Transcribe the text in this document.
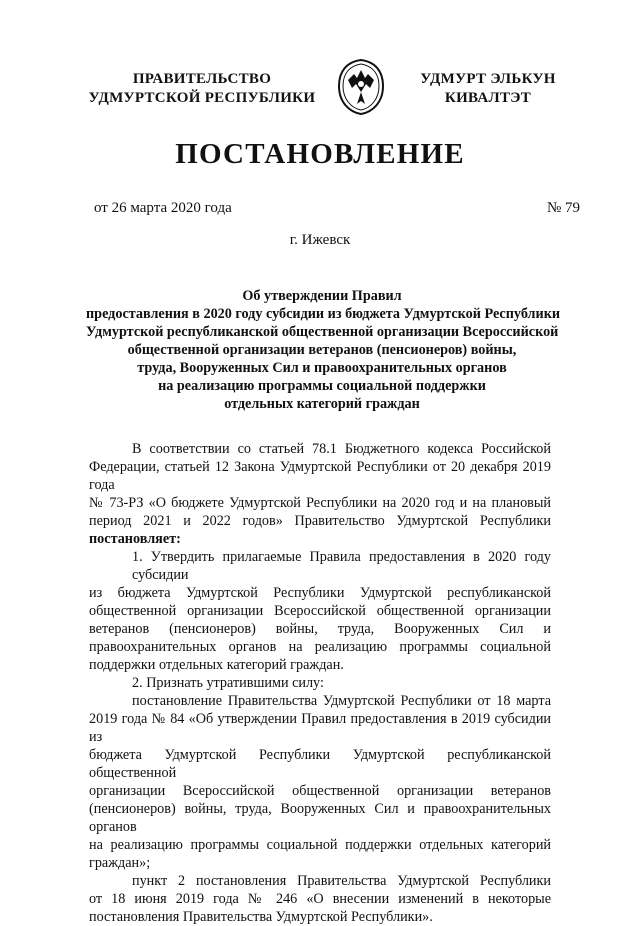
ПРАВИТЕЛЬСТВО
УДМУРТСКОЙ РЕСПУБЛИКИ
УДМУРТ ЭЛЬКУН
КИВАЛТЭТ
ПОСТАНОВЛЕНИЕ
от 26 марта 2020 года	№ 79
г. Ижевск
Об утверждении Правил
предоставления в 2020 году субсидии из бюджета Удмуртской Республики
Удмуртской республиканской общественной организации Всероссийской
общественной организации ветеранов (пенсионеров) войны,
труда, Вооруженных Сил и правоохранительных органов
на реализацию программы социальной поддержки
отдельных категорий граждан
В соответствии со статьей 78.1 Бюджетного кодекса Российской
Федерации, статьей 12 Закона Удмуртской Республики от 20 декабря 2019 года
№ 73-РЗ «О бюджете Удмуртской Республики на 2020 год и на плановый
период 2021 и 2022 годов» Правительство Удмуртской Республики
постановляет:
1. Утвердить прилагаемые Правила предоставления в 2020 году субсидии
из бюджета Удмуртской Республики Удмуртской республиканской
общественной организации Всероссийской общественной организации
ветеранов (пенсионеров) войны, труда, Вооруженных Сил и
правоохранительных органов на реализацию программы социальной
поддержки отдельных категорий граждан.
2. Признать утратившими силу:
постановление Правительства Удмуртской Республики от 18 марта
2019 года № 84 «Об утверждении Правил предоставления в 2019 субсидии из
бюджета Удмуртской Республики Удмуртской республиканской общественной
организации Всероссийской общественной организации ветеранов
(пенсионеров) войны, труда, Вооруженных Сил и правоохранительных органов
на реализацию программы социальной поддержки отдельных категорий
граждан»;
пункт 2 постановления Правительства Удмуртской Республики
от 18 июня 2019 года № 246 «О внесении изменений в некоторые
постановления Правительства Удмуртской Республики».
